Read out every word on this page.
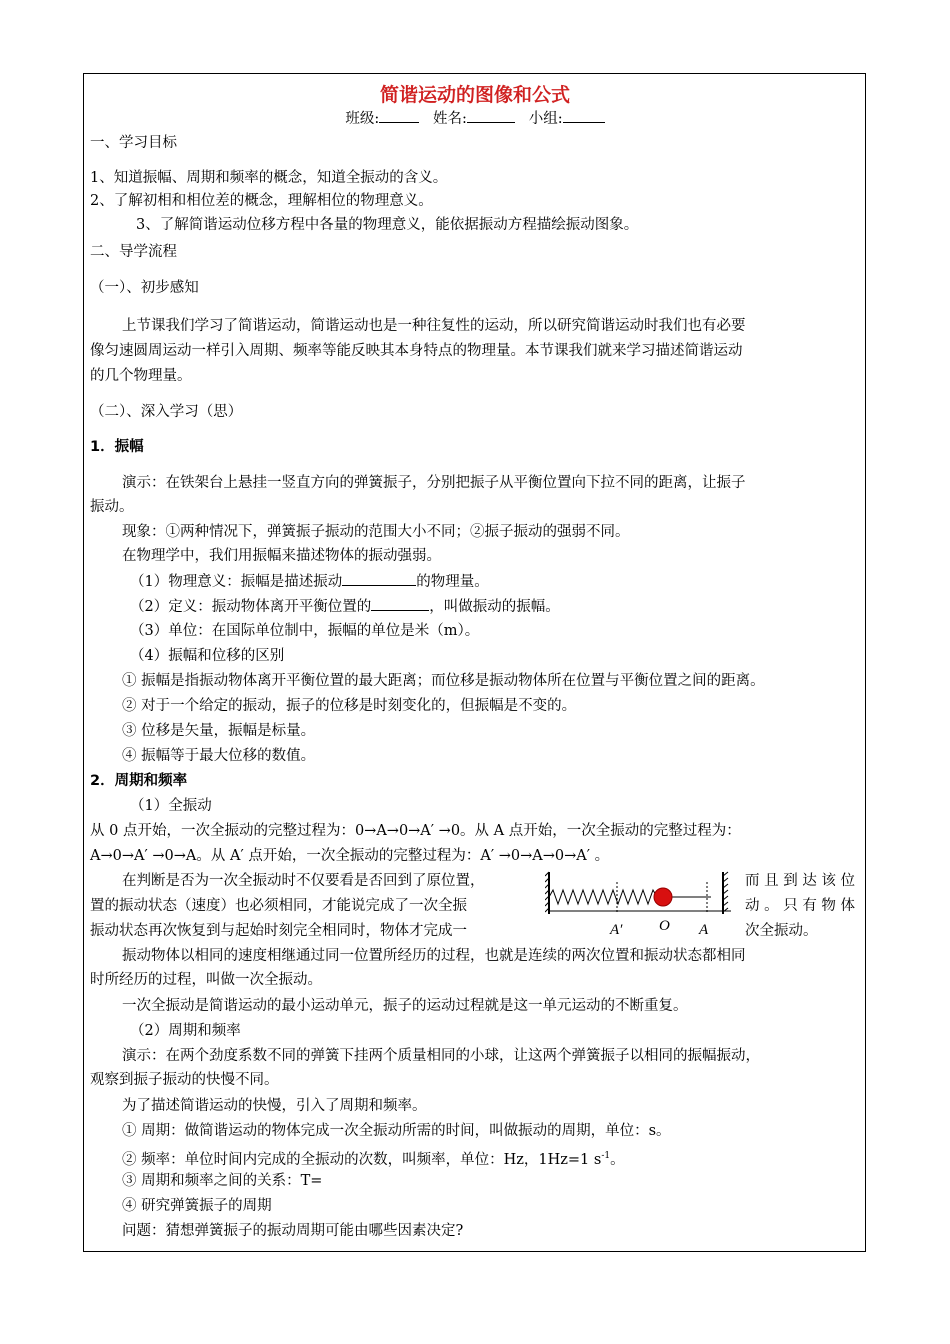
简谐运动的图像和公式
班级:	姓名:	小组:
一、学习目标
1、知道振幅、周期和频率的概念，知道全振动的含义。
2、了解初相和相位差的概念，理解相位的物理意义。
3、了解简谐运动位移方程中各量的物理意义，能依据振动方程描绘振动图象。
二、导学流程
（一）、初步感知
上节课我们学习了简谐运动，简谐运动也是一种往复性的运动，所以研究简谐运动时我们也有必要
像匀速圆周运动一样引入周期、频率等能反映其本身特点的物理量。本节课我们就来学习描述简谐运动
的几个物理量。
（二）、深入学习（思）
1．振幅
演示：在铁架台上悬挂一竖直方向的弹簧振子，分别把振子从平衡位置向下拉不同的距离，让振子
振动。
现象：①两种情况下，弹簧振子振动的范围大小不同；②振子振动的强弱不同。
在物理学中，我们用振幅来描述物体的振动强弱。
（1）物理意义：振幅是描述振动	的物理量。
（2）定义：振动物体离开平衡位置的	，叫做振动的振幅。
（3）单位：在国际单位制中，振幅的单位是米（m）。
（4）振幅和位移的区别
① 振幅是指振动物体离开平衡位置的最大距离；而位移是振动物体所在位置与平衡位置之间的距离。
② 对于一个给定的振动，振子的位移是时刻变化的，但振幅是不变的。
③ 位移是矢量，振幅是标量。
④ 振幅等于最大位移的数值。
2．周期和频率
（1）全振动
从 0 点开始，一次全振动的完整过程为：0→A→0→A′ →0。从 A 点开始，一次全振动的完整过程为：
A→0→A′ →0→A。从 A′ 点开始，一次全振动的完整过程为：A′ →0→A→0→A′ 。
在判断是否为一次全振动时不仅要看是否回到了原位置，	而 且 到 达 该 位
置的振动状态（速度）也必须相同，才能说完成了一次全振	动 。 只 有 物 体
振动状态再次恢复到与起始时刻完全相同时，物体才完成一	次全振动。
A′ O A
振动物体以相同的速度相继通过同一位置所经历的过程，也就是连续的两次位置和振动状态都相同
时所经历的过程，叫做一次全振动。
一次全振动是简谐运动的最小运动单元，振子的运动过程就是这一单元运动的不断重复。
（2）周期和频率
演示：在两个劲度系数不同的弹簧下挂两个质量相同的小球，让这两个弹簧振子以相同的振幅振动，
观察到振子振动的快慢不同。
为了描述简谐运动的快慢，引入了周期和频率。
① 周期：做简谐运动的物体完成一次全振动所需的时间，叫做振动的周期，单位：s。
② 频率：单位时间内完成的全振动的次数，叫频率，单位：Hz，1Hz=1 $s^{-1}$。
③ 周期和频率之间的关系：T=
④ 研究弹簧振子的周期
问题：猜想弹簧振子的振动周期可能由哪些因素决定?
